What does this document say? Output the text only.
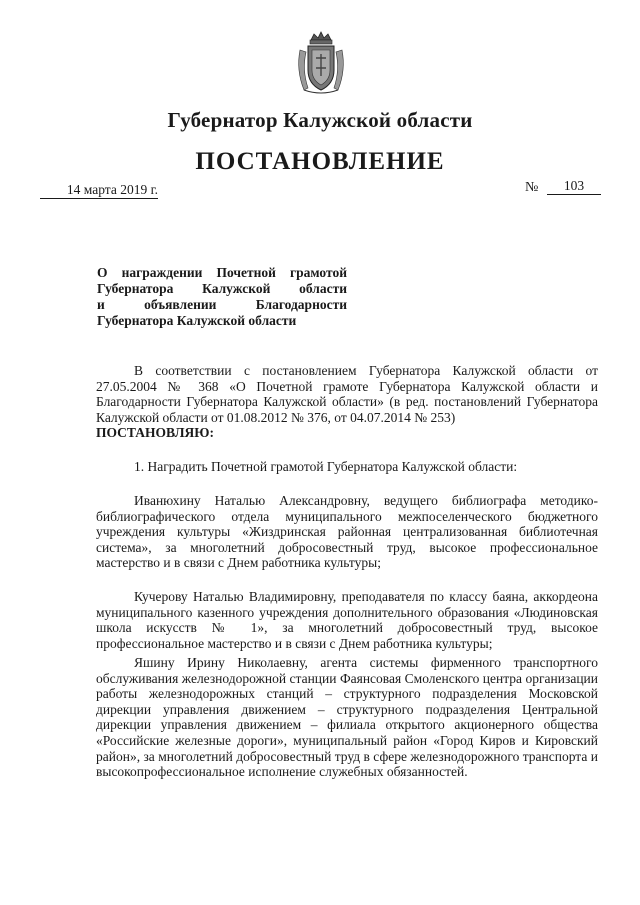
Губернатор Калужской области
ПОСТАНОВЛЕНИЕ
14 марта 2019 г.	№	103
О награждении Почетной грамотой
Губернатора Калужской области
и объявлении Благодарности
Губернатора Калужской области
В соответствии с постановлением Губернатора Калужской области от 27.05.2004 № 368 «О Почетной грамоте Губернатора Калужской области и Благодарности Губернатора Калужской области» (в ред. постановлений Губернатора Калужской области от 01.08.2012 № 376, от 04.07.2014 № 253)
ПОСТАНОВЛЯЮ:
1. Наградить Почетной грамотой Губернатора Калужской области:
Иванюхину Наталью Александровну, ведущего библиографа методико-библиографического отдела муниципального межпоселенческого бюджетного учреждения культуры «Жиздринская районная централизованная библиотечная система», за многолетний добросовестный труд, высокое профессиональное мастерство и в связи с Днем работника культуры;
Кучерову Наталью Владимировну, преподавателя по классу баяна, аккордеона муниципального казенного учреждения дополнительного образования «Людиновская школа искусств № 1», за многолетний добросовестный труд, высокое профессиональное мастерство и в связи с Днем работника культуры;
Яшину Ирину Николаевну, агента системы фирменного транспортного обслуживания железнодорожной станции Фаянсовая Смоленского центра организации работы железнодорожных станций – структурного подразделения Московской дирекции управления движением – структурного подразделения Центральной дирекции управления движением – филиала открытого акционерного общества «Российские железные дороги», муниципальный район «Город Киров и Кировский район», за многолетний добросовестный труд в сфере железнодорожного транспорта и высокопрофессиональное исполнение служебных обязанностей.
